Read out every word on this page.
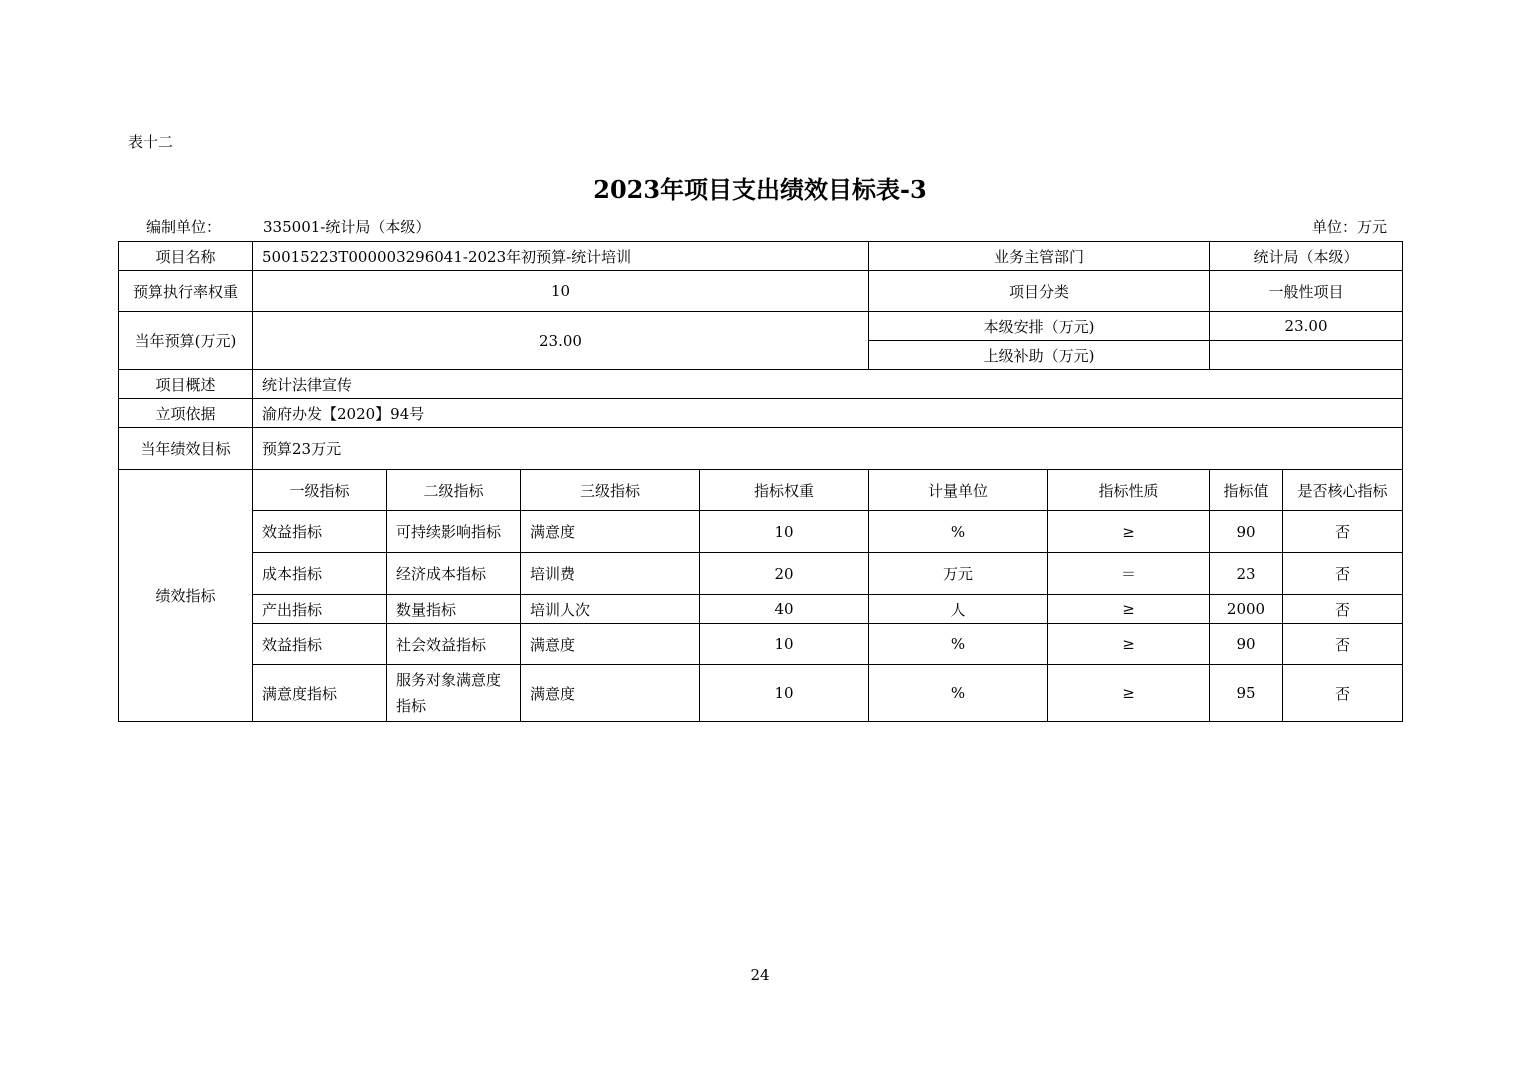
表十二
2023年项目支出绩效目标表-3
编制单位：	335001-统计局（本级）	单位：万元
项目名称	50015223T000003296041-2023年初预算-统计培训				业务主管部门		统计局（本级）	
预算执行率权重	10				项目分类		一般性项目	
当年预算(万元)	23.00				本级安排（万元)		23.00	
					上级补助（万元)			
项目概述	统计法律宣传							
立项依据	渝府办发【2020】94号							
当年绩效目标	预算23万元							
绩效指标	一级指标	二级指标	三级指标	指标权重	计量单位	指标性质	指标值	是否核心指标
	效益指标	可持续影响指标	满意度	10	%	≥	90	否
	成本指标	经济成本指标	培训费	20	万元	＝	23	否
	产出指标	数量指标	培训人次	40	人	≥	2000	否
	效益指标	社会效益指标	满意度	10	%	≥	90	否
	满意度指标	服务对象满意度指标	满意度	10	%	≥	95	否
24
